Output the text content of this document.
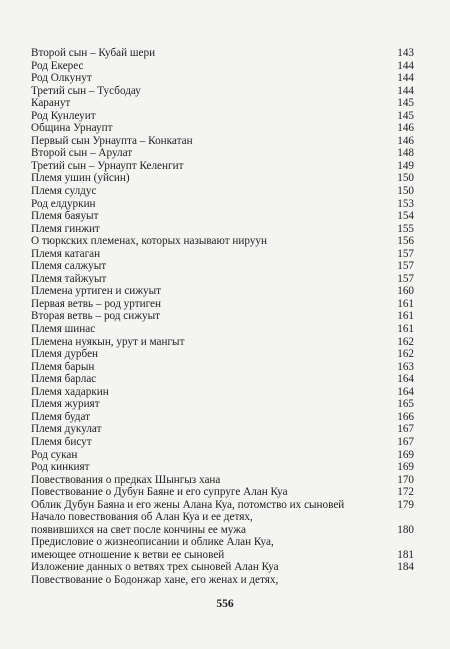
Второй сын – Кубай шери	143
Род Екерес	144
Род Олкунут	144
Третий сын – Тусбодау	144
Каранут	145
Род Кунлеуит	145
Община Урнаупт	146
Первый сын Урнаупта – Конкатан	146
Второй сын – Арулат	148
Третий сын – Урнаупт Келенгит	149
Племя ушин (уйсин)	150
Племя сулдус	150
Род елдуркин	153
Племя баяуыт	154
Племя гинжит	155
О тюркских племенах, которых называют нируун	156
Племя катаган	157
Племя салжуыт	157
Племя тайжуыт	157
Племена уртиген и сижуыт	160
Первая ветвь – род уртиген	161
Вторая ветвь – род сижуыт	161
Племя шинас	161
Племена нуякын, урут и мангыт	162
Племя дурбен	162
Племя барын	163
Племя барлас	164
Племя хадаркин	164
Племя журият	165
Племя будат	166
Племя дукулат	167
Племя бисут	167
Род сукан	169
Род кинкият	169
Повествования о предках Шынгыз хана	170
Повествование о Дубун Баяне и его супруге Алан Куа	172
Облик Дубун Баяна и его жены Алана Куа, потомство их сыновей	179
Начало повествования об Алан Куа и ее детях,
появившихся на свет после кончины ее мужа	180
Предисловие о жизнеописании и облике Алан Куа,
имеющее отношение к ветви ее сыновей	181
Изложение данных о ветвях трех сыновей Алан Куа	184
Повествование о Бодонжар хане, его женах и детях,
556
